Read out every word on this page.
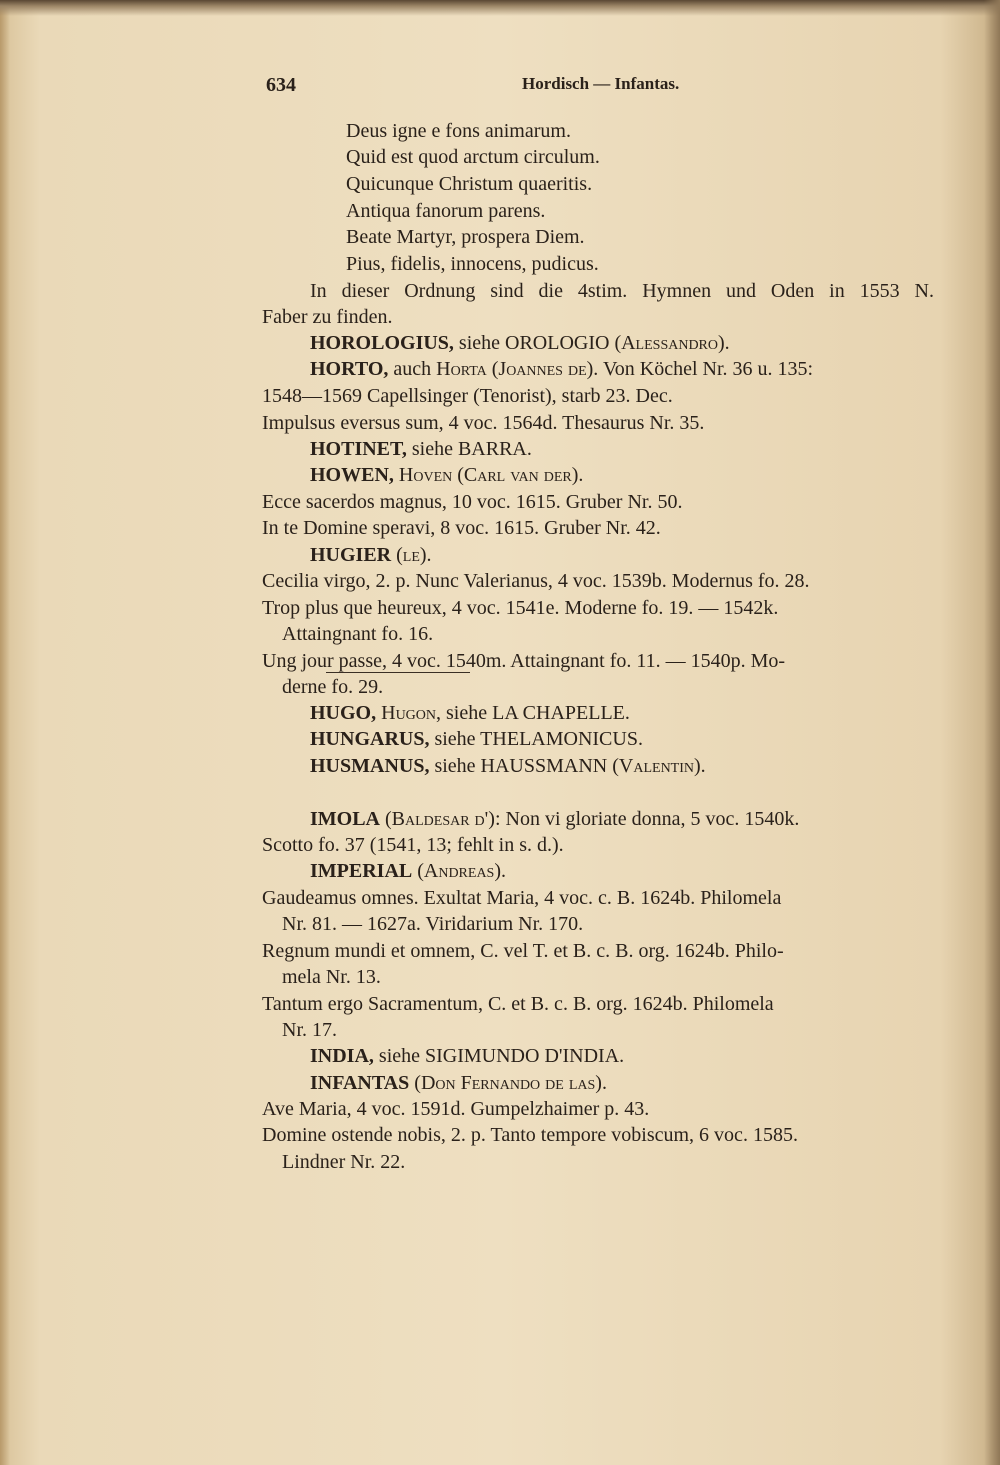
634	Hordisch — Infantas.
Deus igne e fons animarum.
Quid est quod arctum circulum.
Quicunque Christum quaeritis.
Antiqua fanorum parens.
Beate Martyr, prospera Diem.
Pius, fidelis, innocens, pudicus.
In dieser Ordnung sind die 4stim. Hymnen und Oden in 1553 N.
Faber zu finden.
HOROLOGIUS, siehe OROLOGIO (Alessandro).
HORTO, auch Horta (Joannes de). Von Köchel Nr. 36 u. 135:
1548—1569 Capellsinger (Tenorist), starb 23. Dec.
Impulsus eversus sum, 4 voc. 1564d. Thesaurus Nr. 35.
HOTINET, siehe BARRA.
HOWEN, Hoven (Carl van der).
Ecce sacerdos magnus, 10 voc. 1615. Gruber Nr. 50.
In te Domine speravi, 8 voc. 1615. Gruber Nr. 42.
HUGIER (le).
Cecilia virgo, 2. p. Nunc Valerianus, 4 voc. 1539b. Modernus fo. 28.
Trop plus que heureux, 4 voc. 1541e. Moderne fo. 19. — 1542k.
Attaingnant fo. 16.
Ung jour passe, 4 voc. 1540m. Attaingnant fo. 11. — 1540p. Mo-
derne fo. 29.
HUGO, Hugon, siehe LA CHAPELLE.
HUNGARUS, siehe THELAMONICUS.
HUSMANUS, siehe HAUSSMANN (Valentin).
IMOLA (Baldesar d'): Non vi gloriate donna, 5 voc. 1540k.
Scotto fo. 37 (1541, 13; fehlt in s. d.).
IMPERIAL (Andreas).
Gaudeamus omnes. Exultat Maria, 4 voc. c. B. 1624b. Philomela
Nr. 81. — 1627a. Viridarium Nr. 170.
Regnum mundi et omnem, C. vel T. et B. c. B. org. 1624b. Philo-
mela Nr. 13.
Tantum ergo Sacramentum, C. et B. c. B. org. 1624b. Philomela
Nr. 17.
INDIA, siehe SIGIMUNDO D'INDIA.
INFANTAS (Don Fernando de las).
Ave Maria, 4 voc. 1591d. Gumpelzhaimer p. 43.
Domine ostende nobis, 2. p. Tanto tempore vobiscum, 6 voc. 1585.
Lindner Nr. 22.
